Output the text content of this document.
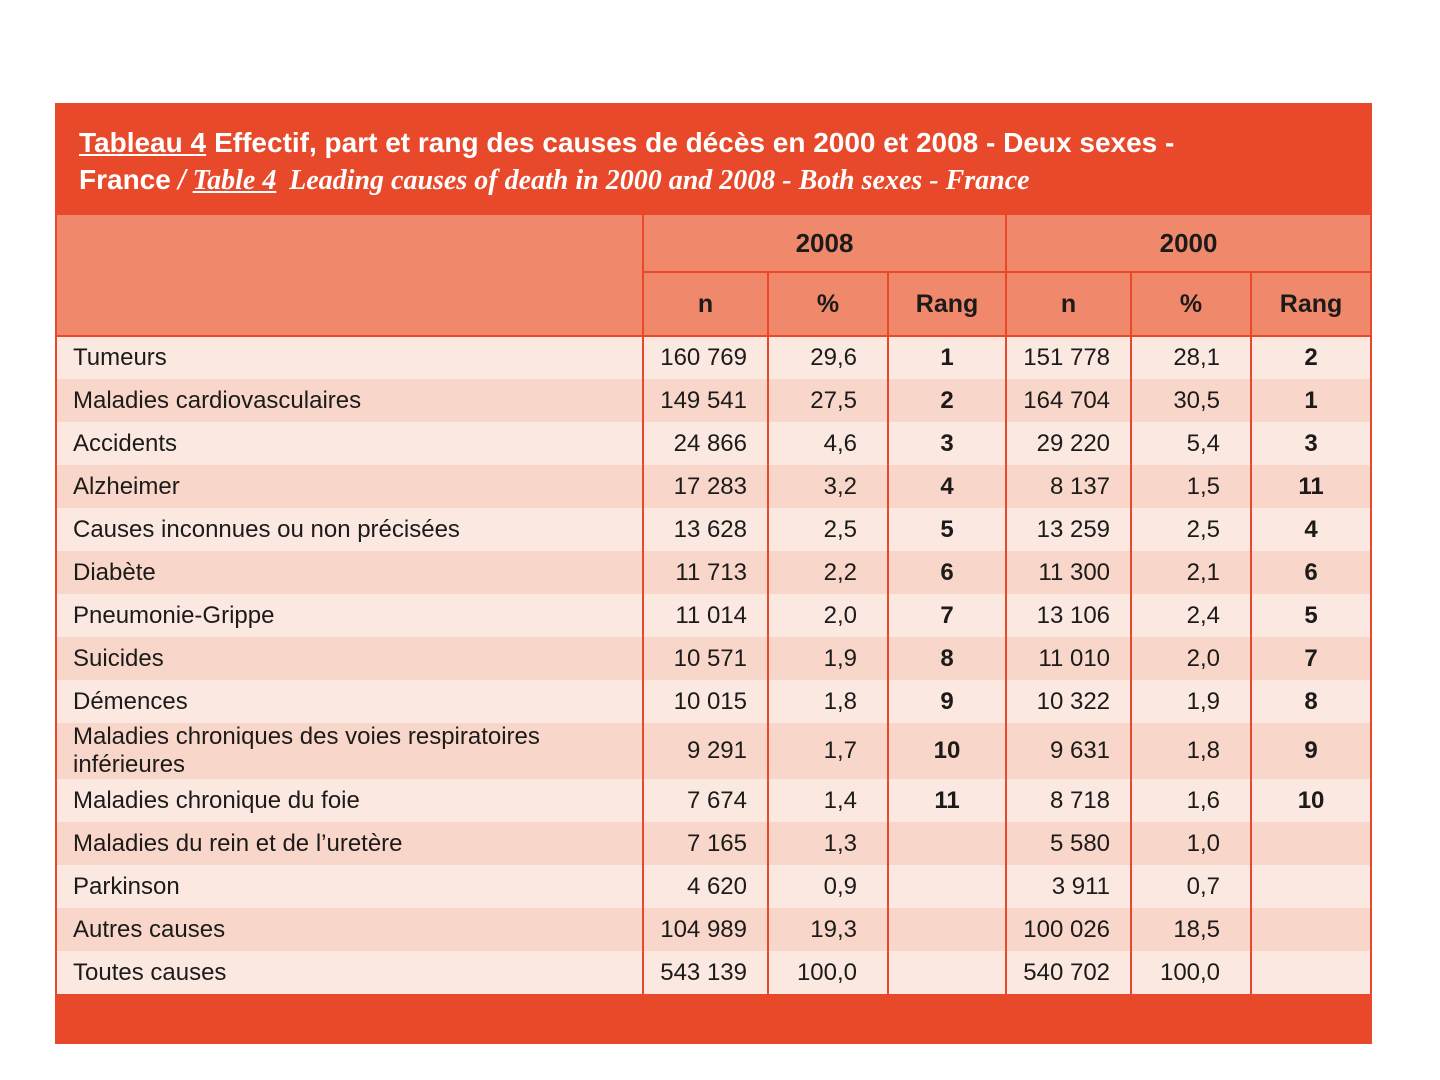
Tableau 4 Effectif, part et rang des causes de décès en 2000 et 2008 - Deux sexes - France / Table 4 Leading causes of death in 2000 and 2008 - Both sexes - France
	2008			2000		
	n	%	Rang	n	%	Rang
Tumeurs	160 769	29,6	1	151 778	28,1	2
Maladies cardiovasculaires	149 541	27,5	2	164 704	30,5	1
Accidents	24 866	4,6	3	29 220	5,4	3
Alzheimer	17 283	3,2	4	8 137	1,5	11
Causes inconnues ou non précisées	13 628	2,5	5	13 259	2,5	4
Diabète	11 713	2,2	6	11 300	2,1	6
Pneumonie-Grippe	11 014	2,0	7	13 106	2,4	5
Suicides	10 571	1,9	8	11 010	2,0	7
Démences	10 015	1,8	9	10 322	1,9	8
Maladies chroniques des voies respiratoires inférieures	9 291	1,7	10	9 631	1,8	9
Maladies chronique du foie	7 674	1,4	11	8 718	1,6	10
Maladies du rein et de l’uretère	7 165	1,3		5 580	1,0	
Parkinson	4 620	0,9		3 911	0,7	
Autres causes	104 989	19,3		100 026	18,5	
Toutes causes	543 139	100,0		540 702	100,0	
